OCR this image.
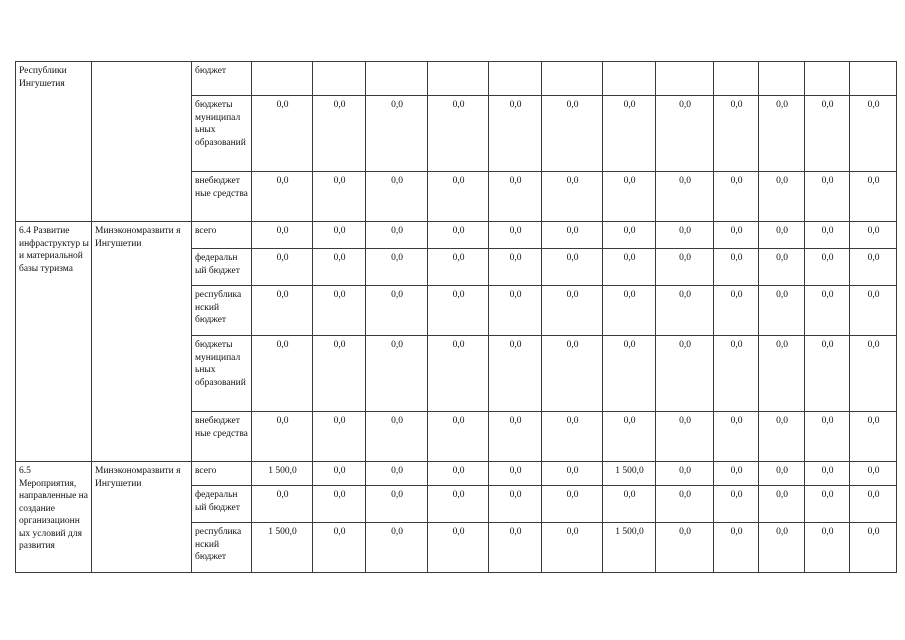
Республики Ингушетия		бюджет												
		бюджеты муниципал ьных образований	0,0	0,0	0,0	0,0	0,0	0,0	0,0	0,0	0,0	0,0	0,0	0,0
		внебюджет ные средства	0,0	0,0	0,0	0,0	0,0	0,0	0,0	0,0	0,0	0,0	0,0	0,0
6.4 Развитие инфраструктур ы и материальной базы туризма	Минэкономразвити я Ингушетии	всего	0,0	0,0	0,0	0,0	0,0	0,0	0,0	0,0	0,0	0,0	0,0	0,0
		федеральн ый бюджет	0,0	0,0	0,0	0,0	0,0	0,0	0,0	0,0	0,0	0,0	0,0	0,0
		республика нский бюджет	0,0	0,0	0,0	0,0	0,0	0,0	0,0	0,0	0,0	0,0	0,0	0,0
		бюджеты муниципал ьных образований	0,0	0,0	0,0	0,0	0,0	0,0	0,0	0,0	0,0	0,0	0,0	0,0
		внебюджет ные средства	0,0	0,0	0,0	0,0	0,0	0,0	0,0	0,0	0,0	0,0	0,0	0,0
6.5 Мероприятия, направленные на создание организационн ых условий для развития	Минэкономразвити я Ингушетии	всего	1 500,0	0,0	0,0	0,0	0,0	0,0	1 500,0	0,0	0,0	0,0	0,0	0,0
		федеральн ый бюджет	0,0	0,0	0,0	0,0	0,0	0,0	0,0	0,0	0,0	0,0	0,0	0,0
		республика нский бюджет	1 500,0	0,0	0,0	0,0	0,0	0,0	1 500,0	0,0	0,0	0,0	0,0	0,0
